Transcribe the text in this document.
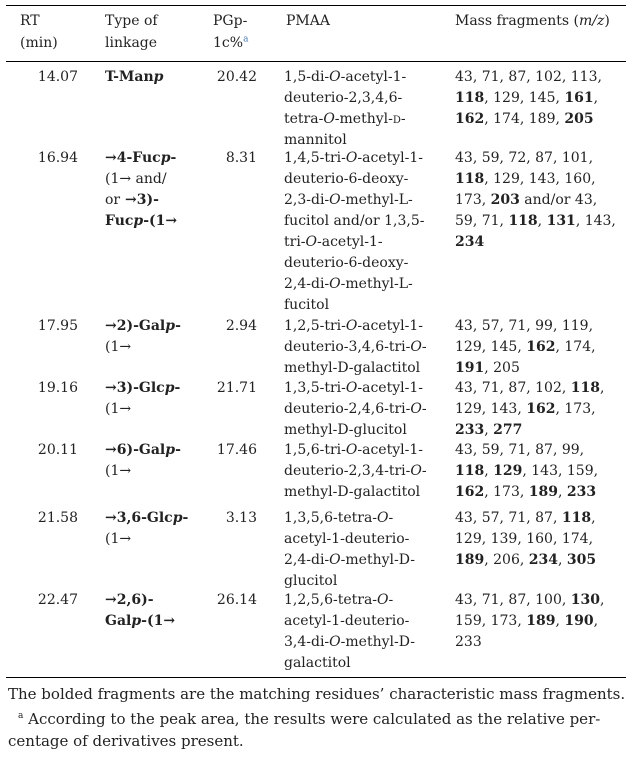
RT
(min)
Type of
linkage
PGp-
1c%$^a$
PMAA	Mass fragments (m/z)
14.07 T-Manp	20.42 1,5-di-O-acetyl-1-
deuterio-2,3,4,6-
tetra-O-methyl-d-
mannitol
43, 71, 87, 102, 113,
118, 129, 145, 161,
162, 174, 189, 205
16.94 →4-Fucp-
(1→ and/
or →3)-
Fucp-(1→
8.31 1,4,5-tri-O-acetyl-1-
deuterio-6-deoxy-
2,3-di-O-methyl-L-
fucitol and/or 1,3,5-
tri-O-acetyl-1-
deuterio-6-deoxy-
2,4-di-O-methyl-L-
fucitol
43, 59, 72, 87, 101,
118, 129, 143, 160,
173, 203 and/or 43,
59, 71, 118, 131, 143,
234
17.95 →2)-Galp-
(1→
2.94 1,2,5-tri-O-acetyl-1-
deuterio-3,4,6-tri-O-
methyl-D-galactitol
43, 57, 71, 99, 119,
129, 145, 162, 174,
191, 205
19.16 →3)-Glcp-
(1→
21.71 1,3,5-tri-O-acetyl-1-
deuterio-2,4,6-tri-O-
methyl-D-glucitol
43, 71, 87, 102, 118,
129, 143, 162, 173,
233, 277
20.11 →6)-Galp-
(1→
17.46 1,5,6-tri-O-acetyl-1-
deuterio-2,3,4-tri-O-
methyl-D-galactitol
43, 59, 71, 87, 99,
118, 129, 143, 159,
162, 173, 189, 233
21.58 →3,6-Glcp-
(1→
3.13 1,3,5,6-tetra-O-
acetyl-1-deuterio-
2,4-di-O-methyl-D-
glucitol
43, 57, 71, 87, 118,
129, 139, 160, 174,
189, 206, 234, 305
22.47 →2,6)-
Galp-(1→
26.14 1,2,5,6-tetra-O-
acetyl-1-deuterio-
3,4-di-O-methyl-D-
galactitol
43, 71, 87, 100, 130,
159, 173, 189, 190,
233
The bolded fragments are the matching residues’ characteristic mass fragments.
$^a$ According to the peak area, the results were calculated as the relative per-
centage of derivatives present.
